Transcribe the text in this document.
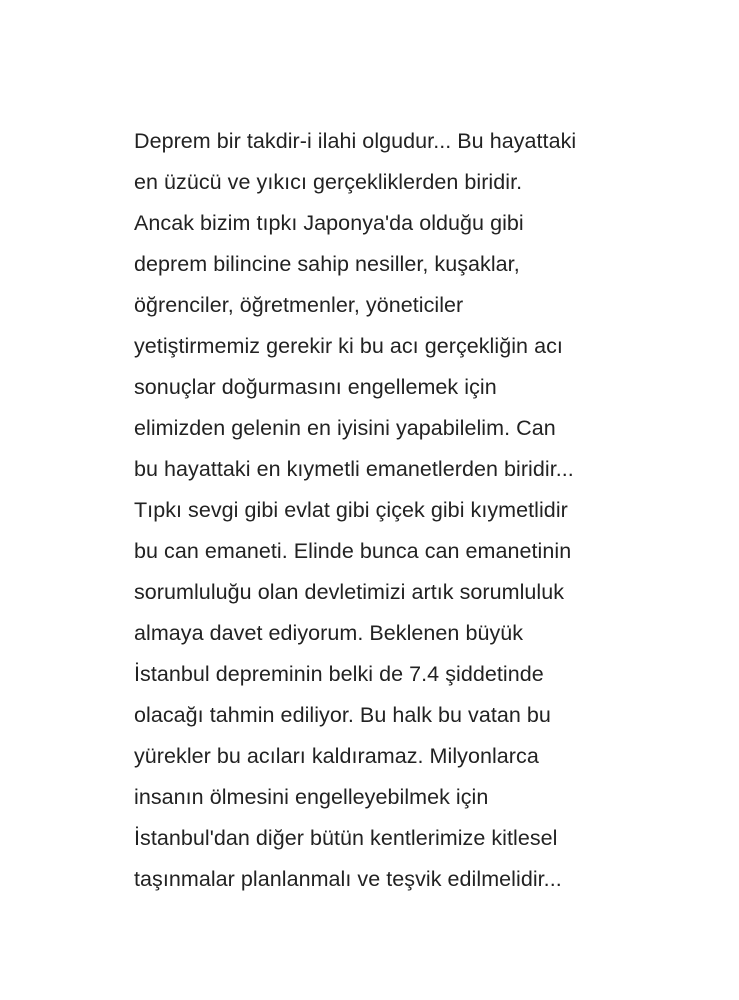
Deprem bir takdir-i ilahi olgudur... Bu hayattaki
en üzücü ve yıkıcı gerçekliklerden biridir.
Ancak bizim tıpkı Japonya'da olduğu gibi
deprem bilincine sahip nesiller, kuşaklar,
öğrenciler, öğretmenler, yöneticiler
yetiştirmemiz gerekir ki bu acı gerçekliğin acı
sonuçlar doğurmasını engellemek için
elimizden gelenin en iyisini yapabilelim. Can
bu hayattaki en kıymetli emanetlerden biridir...
Tıpkı sevgi gibi evlat gibi çiçek gibi kıymetlidir
bu can emaneti. Elinde bunca can emanetinin
sorumluluğu olan devletimizi artık sorumluluk
almaya davet ediyorum. Beklenen büyük
İstanbul depreminin belki de 7.4 şiddetinde
olacağı tahmin ediliyor. Bu halk bu vatan bu
yürekler bu acıları kaldıramaz. Milyonlarca
insanın ölmesini engelleyebilmek için
İstanbul'dan diğer bütün kentlerimize kitlesel
taşınmalar planlanmalı ve teşvik edilmelidir...
